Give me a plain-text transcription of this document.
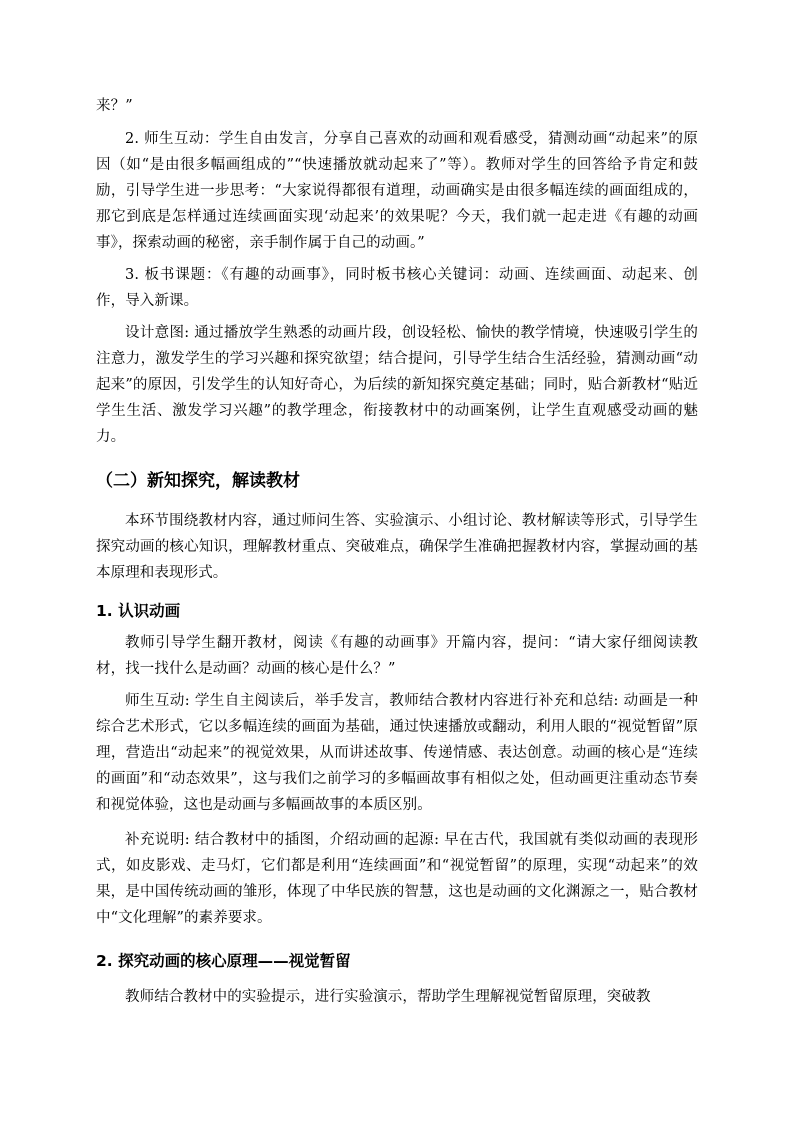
来？”

2. 师生互动：学生自由发言，分享自己喜欢的动画和观看感受，猜测动画“动起来”的原因（如“是由很多幅画组成的”“快速播放就动起来了”等）。教师对学生的回答给予肯定和鼓励，引导学生进一步思考：“大家说得都很有道理，动画确实是由很多幅连续的画面组成的，那它到底是怎样通过连续画面实现‘动起来’的效果呢？今天，我们就一起走进《有趣的动画事》，探索动画的秘密，亲手制作属于自己的动画。”

3. 板书课题：《有趣的动画事》，同时板书核心关键词：动画、连续画面、动起来、创作，导入新课。

设计意图: 通过播放学生熟悉的动画片段，创设轻松、愉快的教学情境，快速吸引学生的注意力，激发学生的学习兴趣和探究欲望；结合提问，引导学生结合生活经验，猜测动画“动起来”的原因，引发学生的认知好奇心，为后续的新知探究奠定基础；同时，贴合新教材“贴近学生生活、激发学习兴趣”的教学理念，衔接教材中的动画案例，让学生直观感受动画的魅力。

（二）新知探究，解读教材

本环节围绕教材内容，通过师问生答、实验演示、小组讨论、教材解读等形式，引导学生探究动画的核心知识，理解教材重点、突破难点，确保学生准确把握教材内容，掌握动画的基本原理和表现形式。

1. 认识动画

教师引导学生翻开教材，阅读《有趣的动画事》开篇内容，提问：“请大家仔细阅读教材，找一找什么是动画？动画的核心是什么？”

师生互动: 学生自主阅读后，举手发言，教师结合教材内容进行补充和总结: 动画是一种综合艺术形式，它以多幅连续的画面为基础，通过快速播放或翻动，利用人眼的“视觉暂留”原理，营造出“动起来”的视觉效果，从而讲述故事、传递情感、表达创意。动画的核心是“连续的画面”和“动态效果”，这与我们之前学习的多幅画故事有相似之处，但动画更注重动态节奏和视觉体验，这也是动画与多幅画故事的本质区别。

补充说明: 结合教材中的插图，介绍动画的起源: 早在古代，我国就有类似动画的表现形式，如皮影戏、走马灯，它们都是利用“连续画面”和“视觉暂留”的原理，实现“动起来”的效果，是中国传统动画的雏形，体现了中华民族的智慧，这也是动画的文化渊源之一，贴合教材中“文化理解”的素养要求。

2. 探究动画的核心原理——视觉暂留

教师结合教材中的实验提示，进行实验演示，帮助学生理解视觉暂留原理，突破教
